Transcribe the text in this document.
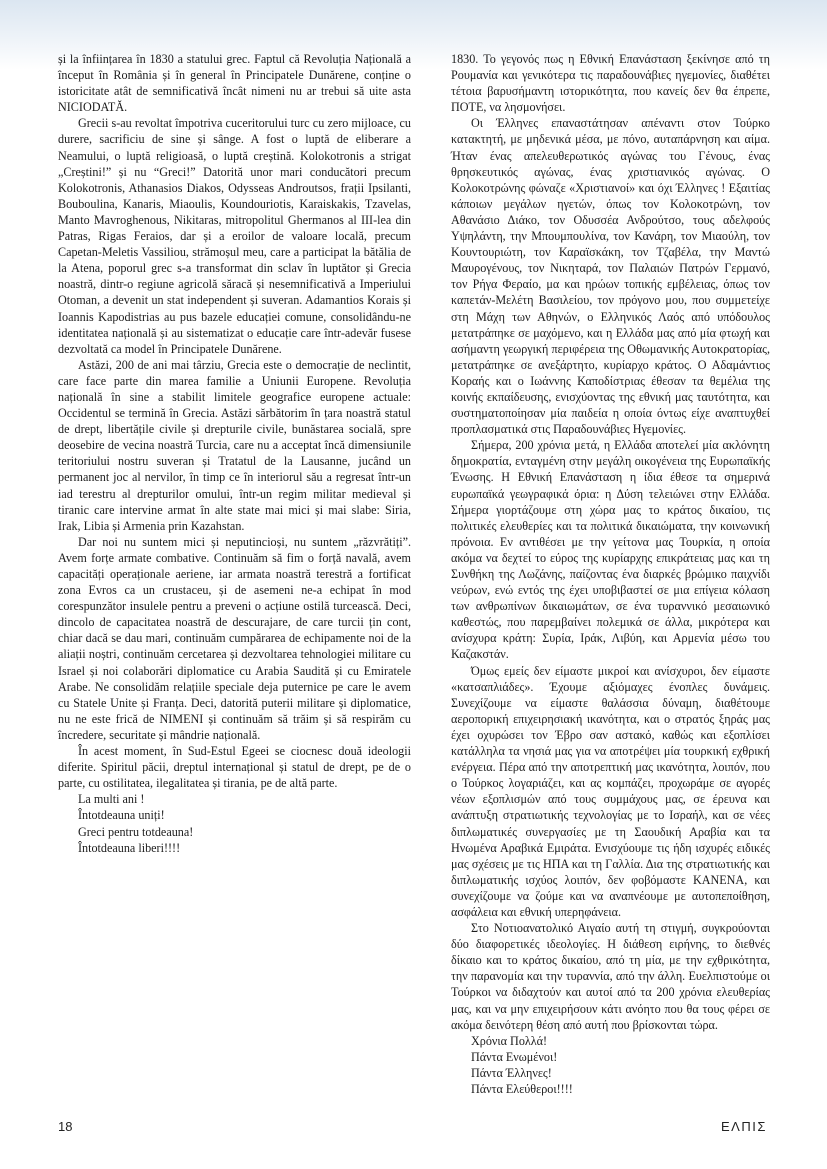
și la înființarea în 1830 a statului grec. Faptul că Revoluția Națională a început în România și în general în Principatele Dunărene, conține o istoricitate atât de semnificativă încât nimeni nu ar trebui să uite asta NICIODATĂ.

Grecii s-au revoltat împotriva cuceritorului turc cu zero mijloace, cu durere, sacrificiu de sine și sânge. A fost o luptă de eliberare a Neamului, o luptă religioasă, o luptă creștină. Kolokotronis a strigat „Creștini!” și nu “Greci!” Datorită unor mari conducători precum Kolokotronis, Athanasios Diakos, Odysseas Androutsos, frații Ipsilanti, Bouboulina, Kanaris, Miaoulis, Koundouriotis, Karaiskakis, Tzavelas, Manto Mavroghenous, Nikitaras, mitropolitul Ghermanos al III-lea din Patras, Rigas Feraios, dar și a eroilor de valoare locală, precum Capetan-Meletis Vassiliou, strămoșul meu, care a participat la bătălia de la Atena, poporul grec s-a transformat din sclav în luptător și Grecia noastră, dintr-o regiune agricolă săracă și nesemnificativă a Imperiului Otoman, a devenit un stat independent și suveran. Adamantios Korais și Ioannis Kapodistrias au pus bazele educației comune, consolidându-ne identitatea națională și au sistematizat o educație care într-adevăr fusese dezvoltată ca model în Principatele Dunărene.

Astăzi, 200 de ani mai târziu, Grecia este o democrație de neclintit, care face parte din marea familie a Uniunii Europene. Revoluția națională în sine a stabilit limitele geografice europene actuale: Occidentul se termină în Grecia. Astăzi sărbătorim în țara noastră statul de drept, libertățile civile și drepturile civile, bunăstarea socială, spre deosebire de vecina noastră Turcia, care nu a acceptat încă dimensiunile teritoriului nostru suveran și Tratatul de la Lausanne, jucând un permanent joc al nervilor, în timp ce în interiorul său a regresat într-un iad terestru al drepturilor omului, într-un regim militar medieval și tiranic care intervine armat în alte state mai mici și mai slabe: Siria, Irak, Libia și Armenia prin Kazahstan.

Dar noi nu suntem mici și neputincioși, nu suntem „răzvrătiți”. Avem forțe armate combative. Continuăm să fim o forță navală, avem capacități operaționale aeriene, iar armata noastră terestră a fortificat zona Evros ca un crustaceu, și de asemeni ne-a echipat în mod corespunzător insulele pentru a preveni o acțiune ostilă turcească. Deci, dincolo de capacitatea noastră de descurajare, de care turcii țin cont, chiar dacă se dau mari, continuăm cumpărarea de echipamente noi de la aliații noștri, continuăm cercetarea și dezvoltarea tehnologiei militare cu Israel și noi colaborări diplomatice cu Arabia Saudită și cu Emiratele Arabe. Ne consolidăm relațiile speciale deja puternice pe care le avem cu Statele Unite și Franța. Deci, datorită puterii militare și diplomatice, nu ne este frică de NIMENI și continuăm să trăim și să respirăm cu încredere, securitate și mândrie națională.

În acest moment, în Sud-Estul Egeei se ciocnesc două ideologii diferite. Spiritul păcii, dreptul internațional și statul de drept, pe de o parte, cu ostilitatea, ilegalitatea și tirania, pe de altă parte.

La multi ani !

Întotdeauna uniți!

Greci pentru totdeauna!

Întotdeauna liberi!!!!

1830. Το γεγονός πως η Εθνική Επανάσταση ξεκίνησε από τη Ρουμανία και γενικότερα τις παραδουνάβιες ηγεμονίες, διαθέτει τέτοια βαρυσήμαντη ιστορικότητα, που κανείς δεν θα έπρεπε, ΠΟΤΕ, να λησμονήσει.

Οι Έλληνες επαναστάτησαν απέναντι στον Τούρκο κατακτητή, με μηδενικά μέσα, με πόνο, αυταπάρνηση και αίμα. Ήταν ένας απελευθερωτικός αγώνας του Γένους, ένας θρησκευτικός αγώνας, ένας χριστιανικός αγώνας. Ο Κολοκοτρώνης φώναζε «Χριστιανοί» και όχι Έλληνες ! Εξαιτίας κάποιων μεγάλων ηγετών, όπως τον Κολοκοτρώνη, τον Αθανάσιο Διάκο, τον Οδυσσέα Ανδρούτσο, τους αδελφούς Υψηλάντη, την Μπουμπουλίνα, τον Κανάρη, τον Μιαούλη, τον Κουντουριώτη, τον Καραϊσκάκη, τον Τζαβέλα, την Μαντώ Μαυρογένους, τον Νικηταρά, τον Παλαιών Πατρών Γερμανό, τον Ρήγα Φεραίο, μα και ηρώων τοπικής εμβέλειας, όπως τον καπετάν-Μελέτη Βασιλείου, τον πρόγονο μου, που συμμετείχε στη Μάχη των Αθηνών, ο Ελληνικός Λαός από υπόδουλος μετατράπηκε σε μαχόμενο, και η Ελλάδα μας από μία φτωχή και ασήμαντη γεωργική περιφέρεια της Οθωμανικής Αυτοκρατορίας, μετατράπηκε σε ανεξάρτητο, κυρίαρχο κράτος. Ο Αδαμάντιος Κοραής και ο Ιωάννης Καποδίστριας έθεσαν τα θεμέλια της κοινής εκπαίδευσης, ενισχύοντας της εθνική μας ταυτότητα, και συστηματοποίησαν μία παιδεία η οποία όντως είχε αναπτυχθεί προπλασματικά στις Παραδουνάβιες Ηγεμονίες.

Σήμερα, 200 χρόνια μετά, η Ελλάδα αποτελεί μία ακλόνητη δημοκρατία, ενταγμένη στην μεγάλη οικογένεια της Ευρωπαϊκής Ένωσης. Η Εθνική Επανάσταση η ίδια έθεσε τα σημερινά ευρωπαϊκά γεωγραφικά όρια: η Δύση τελειώνει στην Ελλάδα. Σήμερα γιορτάζουμε στη χώρα μας το κράτος δικαίου, τις πολιτικές ελευθερίες και τα πολιτικά δικαιώματα, την κοινωνική πρόνοια. Εν αντιθέσει με την γείτονα μας Τουρκία, η οποία ακόμα να δεχτεί το εύρος της κυρίαρχης επικράτειας μας και τη Συνθήκη της Λωζάνης, παίζοντας ένα διαρκές βρώμικο παιχνίδι νεύρων, ενώ εντός της έχει υποβιβαστεί σε μια επίγεια κόλαση των ανθρωπίνων δικαιωμάτων, σε ένα τυραννικό μεσαιωνικό καθεστώς, που παρεμβαίνει πολεμικά σε άλλα, μικρότερα και ανίσχυρα κράτη: Συρία, Ιράκ, Λιβύη, και Αρμενία μέσω του Καζακστάν.

Όμως εμείς δεν είμαστε μικροί και ανίσχυροι, δεν είμαστε «κατσαπλιάδες». Έχουμε αξιόμαχες ένοπλες δυνάμεις. Συνεχίζουμε να είμαστε θαλάσσια δύναμη, διαθέτουμε αεροπορική επιχειρησιακή ικανότητα, και ο στρατός ξηράς μας έχει οχυρώσει τον Έβρο σαν αστακό, καθώς και εξοπλίσει κατάλληλα τα νησιά μας για να αποτρέψει μία τουρκική εχθρική ενέργεια. Πέρα από την αποτρεπτική μας ικανότητα, λοιπόν, που ο Τούρκος λογαριάζει, και ας κομπάζει, προχωράμε σε αγορές νέων εξοπλισμών από τους συμμάχους μας, σε έρευνα και ανάπτυξη στρατιωτικής τεχνολογίας με το Ισραήλ, και σε νέες διπλωματικές συνεργασίες με τη Σαουδική Αραβία και τα Ηνωμένα Αραβικά Εμιράτα. Ενισχύουμε τις ήδη ισχυρές ειδικές μας σχέσεις με τις ΗΠΑ και τη Γαλλία. Δια της στρατιωτικής και διπλωματικής ισχύος λοιπόν, δεν φοβόμαστε ΚΑΝΕΝΑ, και συνεχίζουμε να ζούμε και να αναπνέουμε με αυτοπεποίθηση, ασφάλεια και εθνική υπερηφάνεια.

Στο Νοτιοανατολικό Αιγαίο αυτή τη στιγμή, συγκρούονται δύο διαφορετικές ιδεολογίες. Η διάθεση ειρήνης, το διεθνές δίκαιο και το κράτος δικαίου, από τη μία, με την εχθρικότητα, την παρανομία και την τυραννία, από την άλλη. Ευελπιστούμε οι Τούρκοι να διδαχτούν και αυτοί από τα 200 χρόνια ελευθερίας μας, και να μην επιχειρήσουν κάτι ανόητο που θα τους φέρει σε ακόμα δεινότερη θέση από αυτή που βρίσκονται τώρα.

Χρόνια Πολλά!

Πάντα Ενωμένοι!

Πάντα Έλληνες!

Πάντα Ελεύθεροι!!!!

18	ΕΛΠΙΣ
